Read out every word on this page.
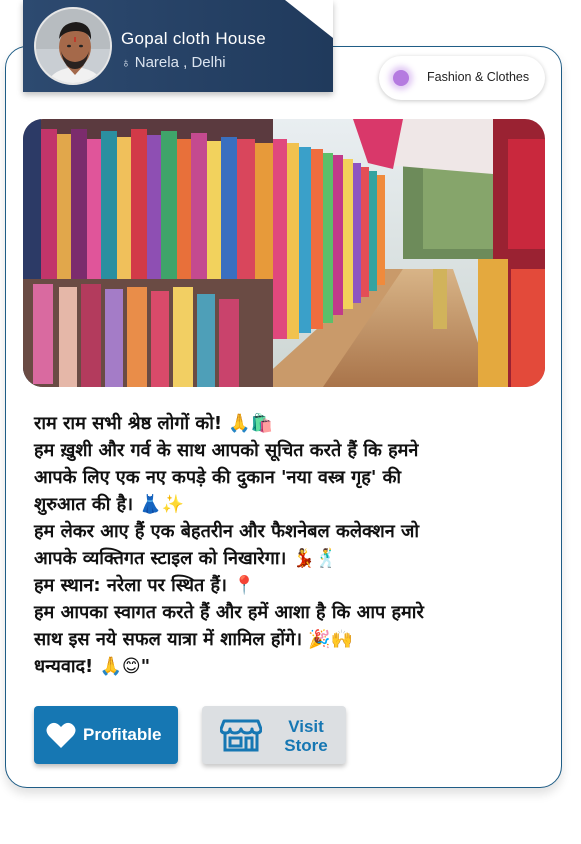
Gopal cloth House
♁ Narela , Delhi
Fashion & Clothes
राम राम सभी श्रेष्ठ लोगों को! 🙏🛍️
हम ख़ुशी और गर्व के साथ आपको सूचित करते हैं कि हमने
आपके लिए एक नए कपड़े की दुकान 'नया वस्त्र गृह' की
शुरुआत की है। 👗✨
हम लेकर आए हैं एक बेहतरीन और फैशनेबल कलेक्शन जो
आपके व्यक्तिगत स्टाइल को निखारेगा। 💃🕺
हम स्थान: नरेला पर स्थित हैं। 📍
हम आपका स्वागत करते हैं और हमें आशा है कि आप हमारे
साथ इस नये सफल यात्रा में शामिल होंगे। 🎉🙌
धन्यवाद! 🙏😊"
Profitable	Visit
Store
